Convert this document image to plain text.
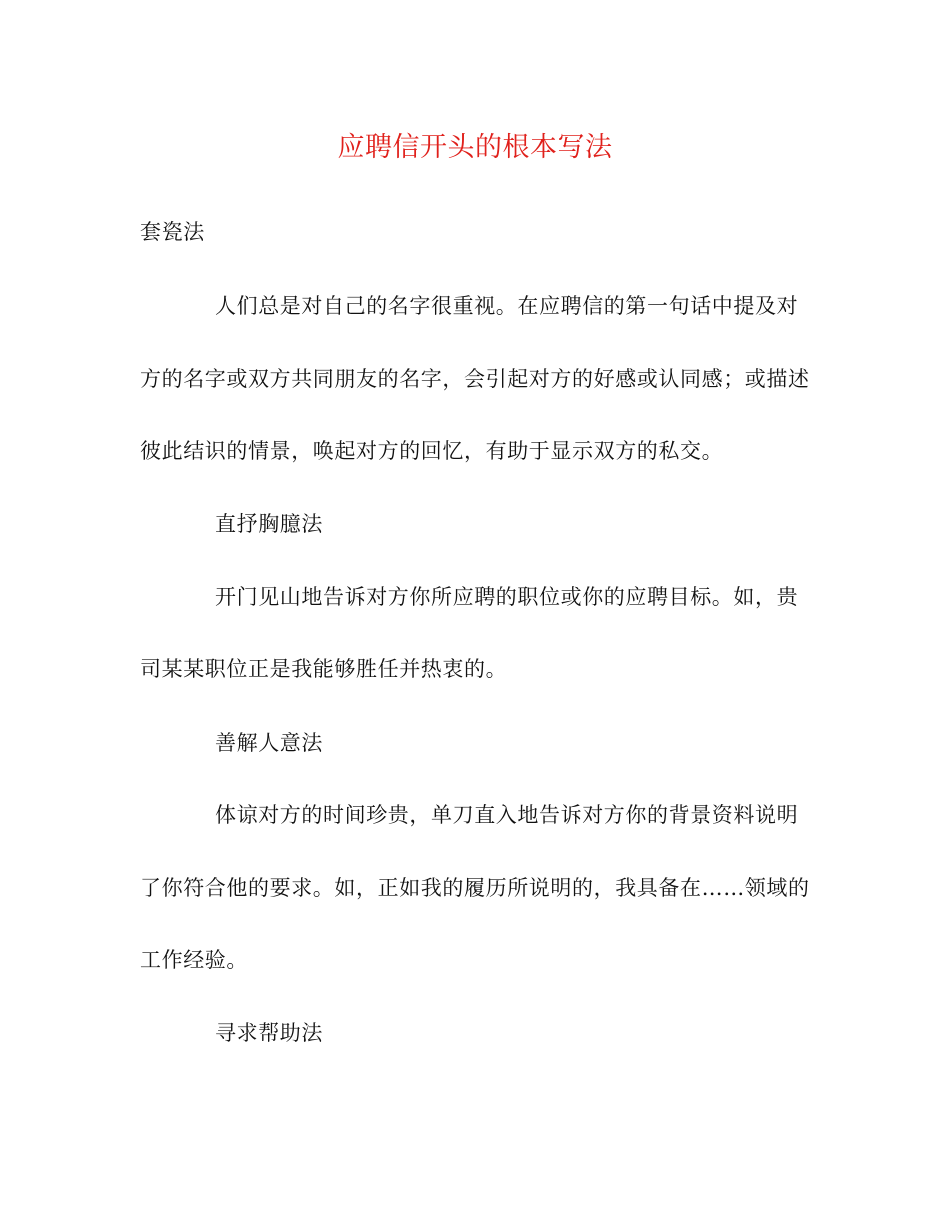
应聘信开头的根本写法
套瓷法
人们总是对自己的名字很重视。在应聘信的第一句话中提及对
方的名字或双方共同朋友的名字，会引起对方的好感或认同感；或描述
彼此结识的情景，唤起对方的回忆，有助于显示双方的私交。
直抒胸臆法
开门见山地告诉对方你所应聘的职位或你的应聘目标。如，贵
司某某职位正是我能够胜任并热衷的。
善解人意法
体谅对方的时间珍贵，单刀直入地告诉对方你的背景资料说明
了你符合他的要求。如，正如我的履历所说明的，我具备在……领域的
工作经验。
寻求帮助法
